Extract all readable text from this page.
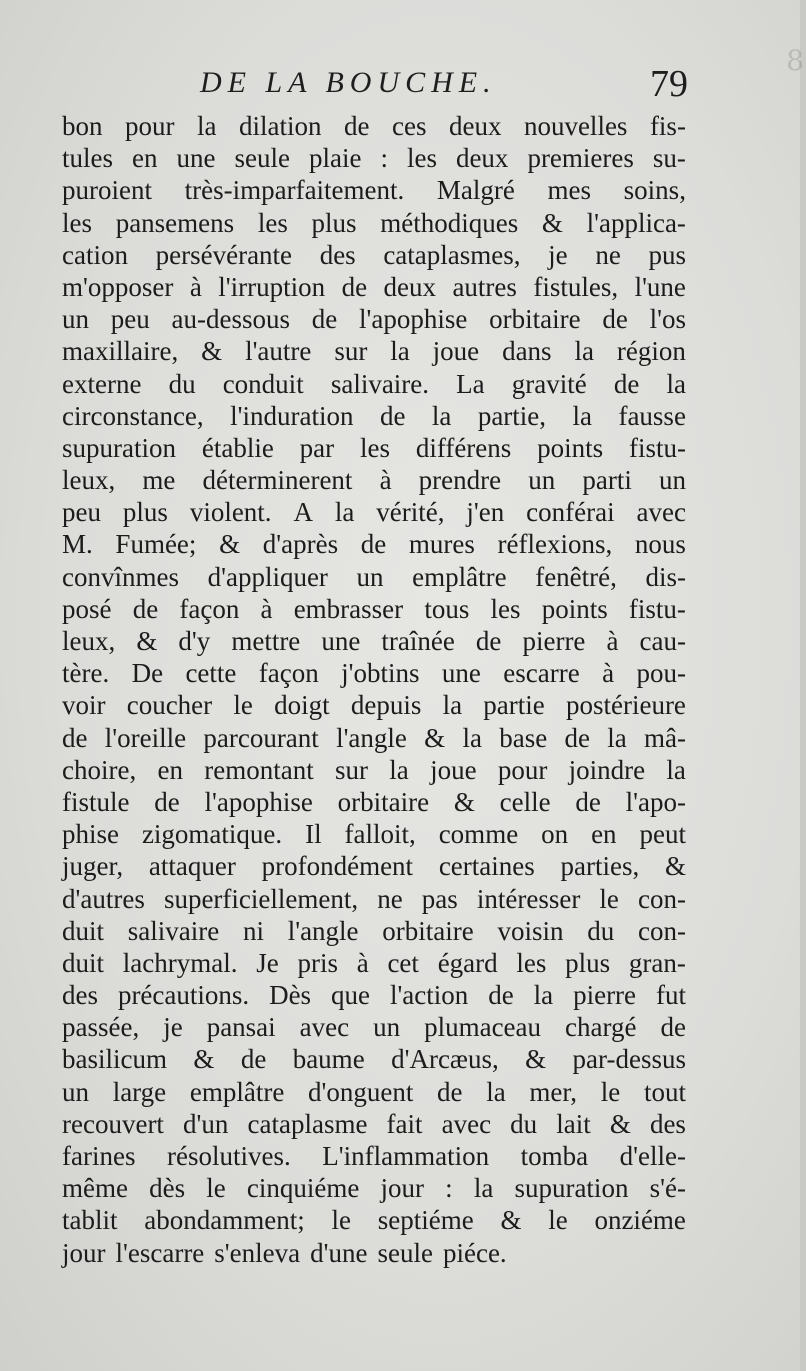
8
DE LA BOUCHE.	79
bon pour la dilation de ces deux nouvelles fis-
tules en une seule plaie : les deux premieres su-
puroient très-imparfaitement. Malgré mes soins,
les pansemens les plus méthodiques & l'applica-
cation persévérante des cataplasmes, je ne pus
m'opposer à l'irruption de deux autres fistules, l'une
un peu au-dessous de l'apophise orbitaire de l'os
maxillaire, & l'autre sur la joue dans la région
externe du conduit salivaire. La gravité de la
circonstance, l'induration de la partie, la fausse
supuration établie par les différens points fistu-
leux, me déterminerent à prendre un parti un
peu plus violent. A la vérité, j'en conférai avec
M. Fumée; & d'après de mures réflexions, nous
convînmes d'appliquer un emplâtre fenêtré, dis-
posé de façon à embrasser tous les points fistu-
leux, & d'y mettre une traînée de pierre à cau-
tère. De cette façon j'obtins une escarre à pou-
voir coucher le doigt depuis la partie postérieure
de l'oreille parcourant l'angle & la base de la mâ-
choire, en remontant sur la joue pour joindre la
fistule de l'apophise orbitaire & celle de l'apo-
phise zigomatique. Il falloit, comme on en peut
juger, attaquer profondément certaines parties, &
d'autres superficiellement, ne pas intéresser le con-
duit salivaire ni l'angle orbitaire voisin du con-
duit lachrymal. Je pris à cet égard les plus gran-
des précautions. Dès que l'action de la pierre fut
passée, je pansai avec un plumaceau chargé de
basilicum & de baume d'Arcæus, & par-dessus
un large emplâtre d'onguent de la mer, le tout
recouvert d'un cataplasme fait avec du lait & des
farines résolutives. L'inflammation tomba d'elle-
même dès le cinquiéme jour : la supuration s'é-
tablit abondamment; le septiéme & le onziéme
jour l'escarre s'enleva d'une seule piéce.
